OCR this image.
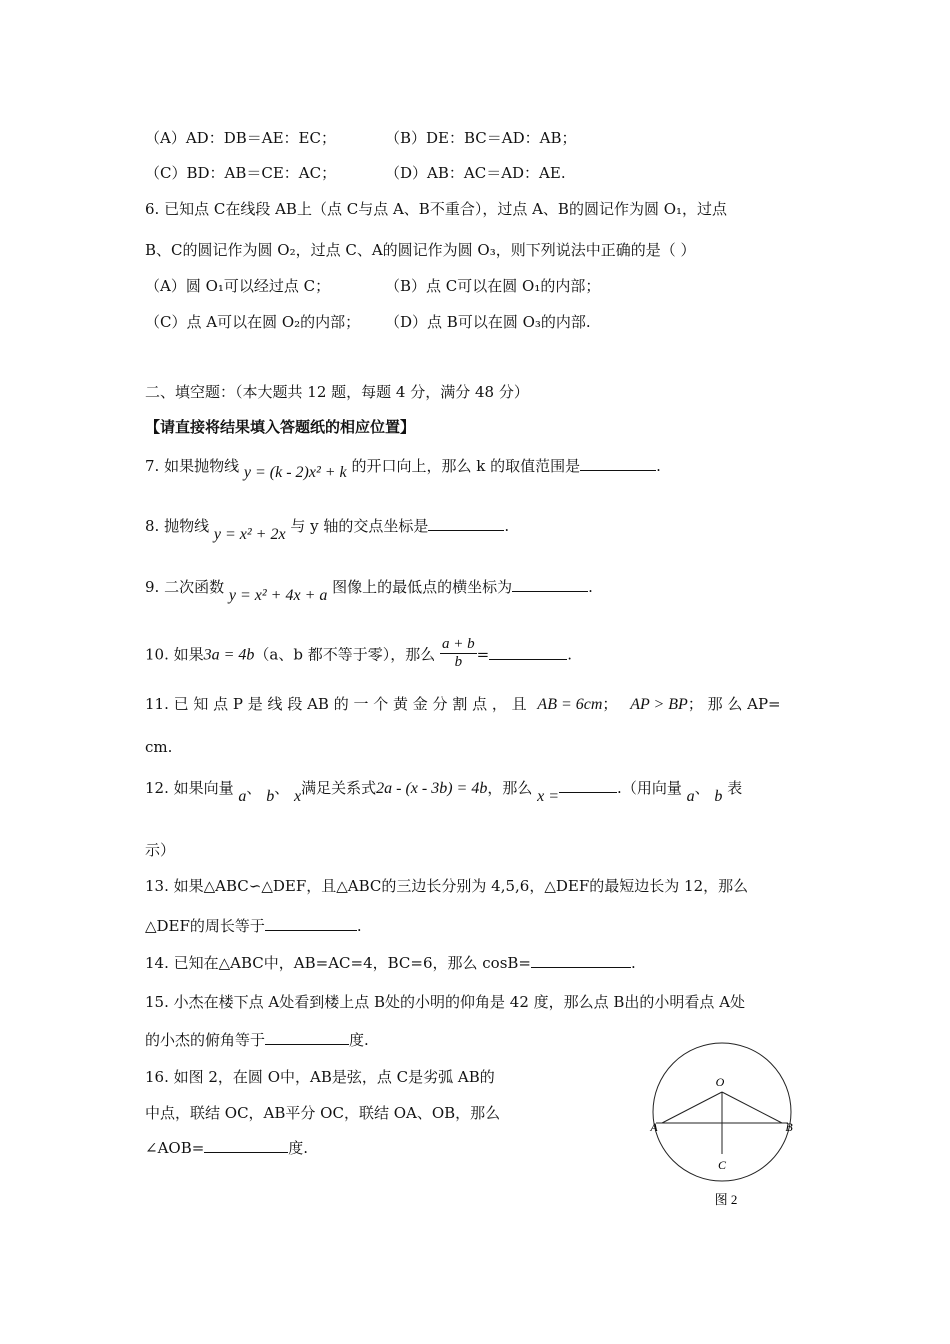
（A）AD：DB＝AE：EC；	（B）DE：BC＝AD：AB；
（C）BD：AB＝CE：AC；	（D）AB：AC＝AD：AE.
6. 已知点 C在线段 AB上（点 C与点 A、B不重合），过点 A、B的圆记作为圆 O₁，过点
B、C的圆记作为圆 O₂，过点 C、A的圆记作为圆 O₃，则下列说法中正确的是（ ）
（A）圆 O₁可以经过点 C；	（B）点 C可以在圆 O₁的内部；
（C）点 A可以在圆 O₂的内部； （D）点 B可以在圆 O₃的内部.
二、填空题：（本大题共 12 题，每题 4 分，满分 48 分）
【请直接将结果填入答题纸的相应位置】
7. 如果抛物线 y = (k - 2)x² + k 的开口向上，那么 k 的取值范围是	.
8. 抛物线 y = x² + 2x 与 y 轴的交点坐标是	.
9. 二次函数 y = x² + 4x + a 图像上的最低点的横坐标为	.
10. 如果3a = 4b（a、b 都不等于零），那么 $\frac{a + b}{b}$ =	.
11. 已 知 点 P 是 线 段 AB 的 一 个 黄 金 分 割 点 ， 且 AB = 6cm； AP > BP； 那 么 AP=
cm.
12. 如果向量 a、 b、 x满足关系式2a - (x - 3b) = 4b，那么 x =	.（用向量 a、 b 表
示）
13. 如果△ABC∽△DEF，且△ABC的三边长分别为 4,5,6，△DEF的最短边长为 12，那么
△DEF的周长等于	.
14. 已知在△ABC中，AB=AC=4，BC=6，那么 cosB=	.
15. 小杰在楼下点 A处看到楼上点 B处的小明的仰角是 42 度，那么点 B出的小明看点 A处
的小杰的俯角等于	度.
16. 如图 2，在圆 O中，AB是弦，点 C是劣弧 AB的
中点，联结 OC，AB平分 OC，联结 OA、OB，那么
∠AOB=	度.
O
A	B
C
图 2
